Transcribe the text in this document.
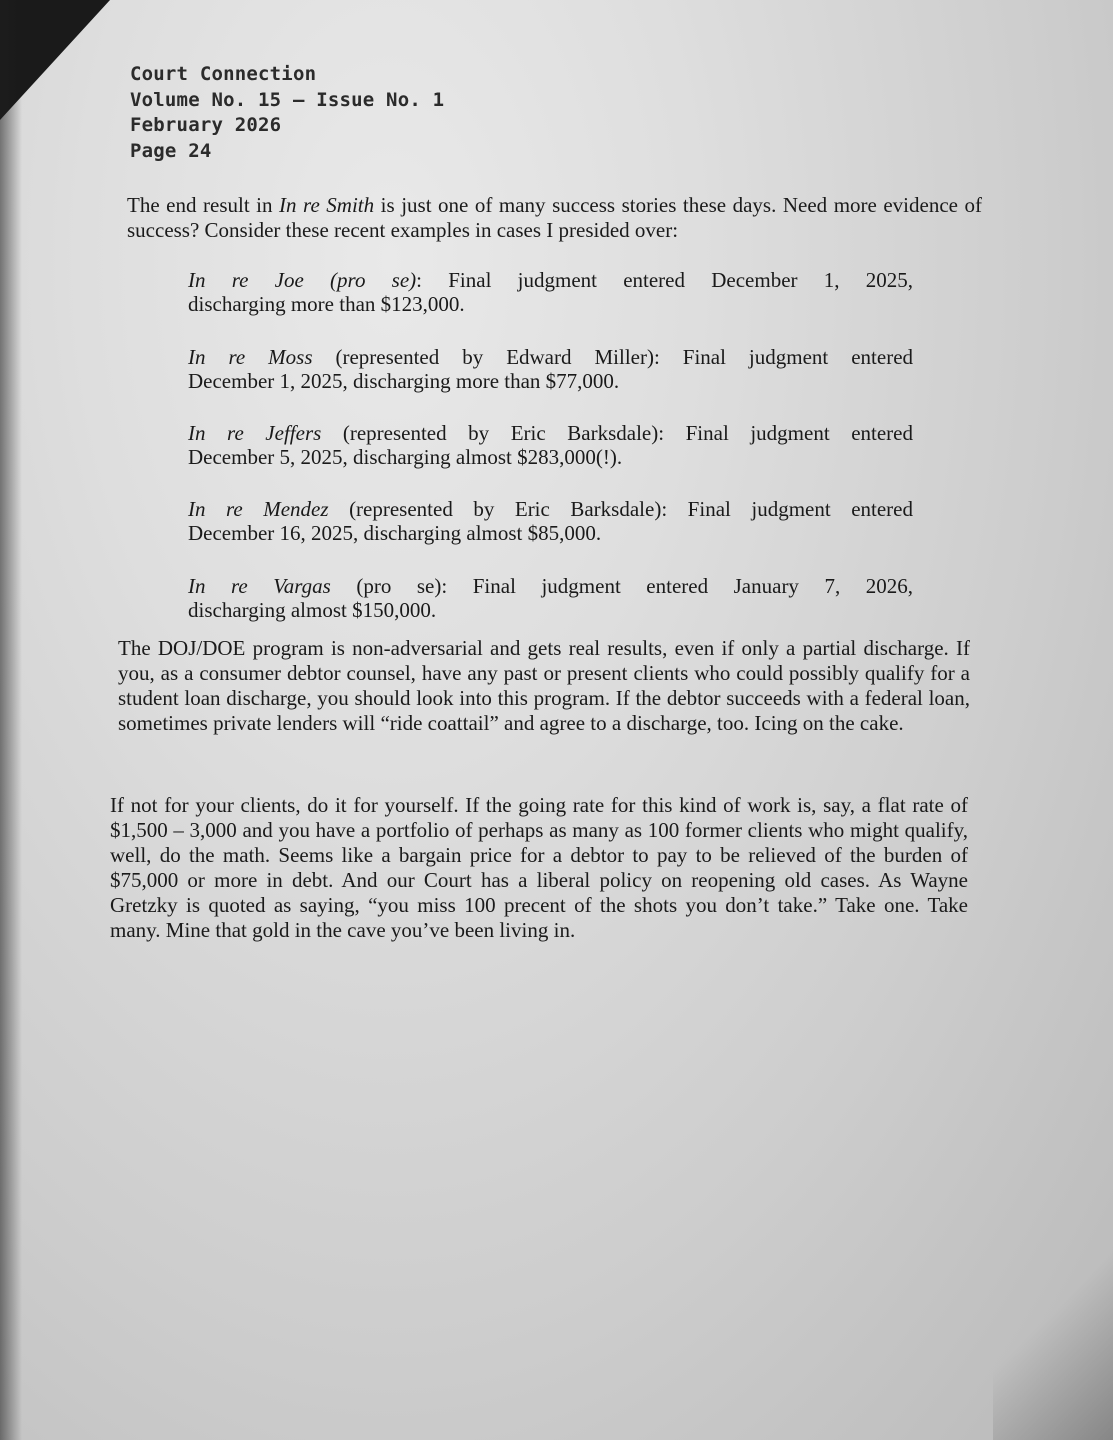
Court Connection
Volume No. 15 – Issue No. 1
February 2026
Page 24
The end result in In re Smith is just one of many success stories these days. Need more evidence of success? Consider these recent examples in cases I presided over:
In re Joe (pro se): Final judgment entered December 1, 2025,
discharging more than $123,000.
In re Moss (represented by Edward Miller): Final judgment entered
December 1, 2025, discharging more than $77,000.
In re Jeffers (represented by Eric Barksdale): Final judgment entered
December 5, 2025, discharging almost $283,000(!).
In re Mendez (represented by Eric Barksdale): Final judgment entered
December 16, 2025, discharging almost $85,000.
In re Vargas (pro se): Final judgment entered January 7, 2026,
discharging almost $150,000.
The DOJ/DOE program is non-adversarial and gets real results, even if only a partial discharge. If you, as a consumer debtor counsel, have any past or present clients who could possibly qualify for a student loan discharge, you should look into this program. If the debtor succeeds with a federal loan, sometimes private lenders will “ride coattail” and agree to a discharge, too. Icing on the cake.
If not for your clients, do it for yourself. If the going rate for this kind of work is, say, a flat rate of $1,500 – 3,000 and you have a portfolio of perhaps as many as 100 former clients who might qualify, well, do the math. Seems like a bargain price for a debtor to pay to be relieved of the burden of $75,000 or more in debt. And our Court has a liberal policy on reopening old cases. As Wayne Gretzky is quoted as saying, “you miss 100 precent of the shots you don’t take.” Take one. Take many. Mine that gold in the cave you’ve been living in.
